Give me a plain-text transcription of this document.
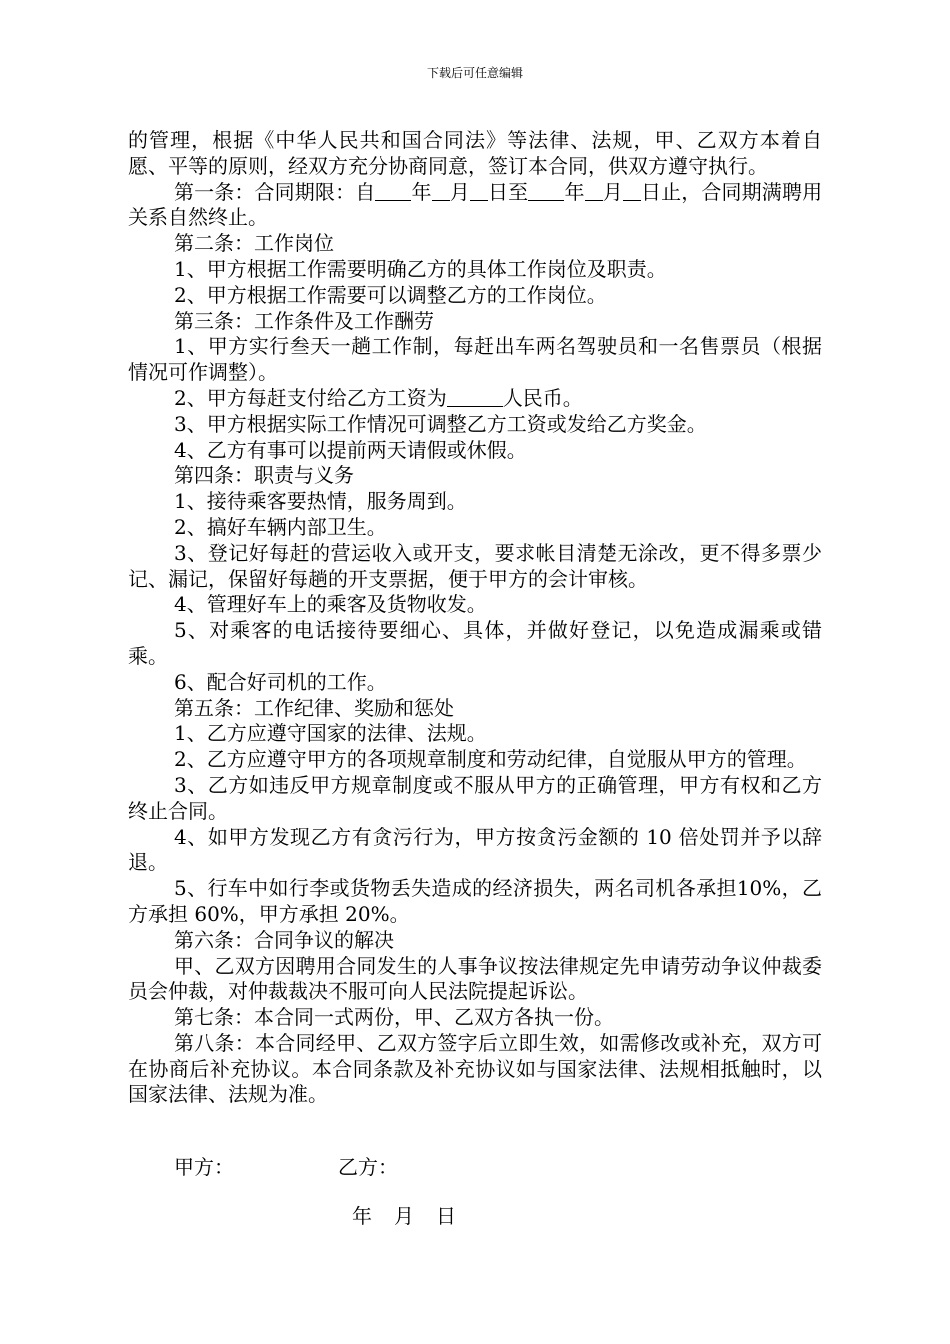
下载后可任意编辑

的管理，根据《中华人民共和国合同法》等法律、法规，甲、乙双方本着自愿、平等的原则，经双方充分协商同意，签订本合同，供双方遵守执行。

第一条：合同期限：自 年 月 日至 年 月 日止，合同期满聘用关系自然终止。

第二条：工作岗位

1、甲方根据工作需要明确乙方的具体工作岗位及职责。

2、甲方根据工作需要可以调整乙方的工作岗位。

第三条：工作条件及工作酬劳

1、甲方实行叁天一趟工作制，每赶出车两名驾驶员和一名售票员（根据情况可作调整）。

2、甲方每赶支付给乙方工资为	人民币。

3、甲方根据实际工作情况可调整乙方工资或发给乙方奖金。

4、乙方有事可以提前两天请假或休假。

第四条：职责与义务

1、接待乘客要热情，服务周到。

2、搞好车辆内部卫生。

3、登记好每赶的营运收入或开支，要求帐目清楚无涂改，更不得多票少记、漏记，保留好每趟的开支票据，便于甲方的会计审核。

4、管理好车上的乘客及货物收发。

5、对乘客的电话接待要细心、具体，并做好登记，以免造成漏乘或错乘。

6、配合好司机的工作。

第五条：工作纪律、奖励和惩处

1、乙方应遵守国家的法律、法规。

2、乙方应遵守甲方的各项规章制度和劳动纪律，自觉服从甲方的管理。

3、乙方如违反甲方规章制度或不服从甲方的正确管理，甲方有权和乙方终止合同。

4、如甲方发现乙方有贪污行为，甲方按贪污金额的 10 倍处罚并予以辞退。

5、行车中如行李或货物丢失造成的经济损失，两名司机各承担10%，乙方承担 60%，甲方承担 20%。

第六条：合同争议的解决

甲、乙双方因聘用合同发生的人事争议按法律规定先申请劳动争议仲裁委员会仲裁，对仲裁裁决不服可向人民法院提起诉讼。

第七条：本合同一式两份，甲、乙双方各执一份。

第八条：本合同经甲、乙双方签字后立即生效，如需修改或补充，双方可在协商后补充协议。本合同条款及补充协议如与国家法律、法规相抵触时，以国家法律、法规为准。

甲方：	乙方：
年 月 日
